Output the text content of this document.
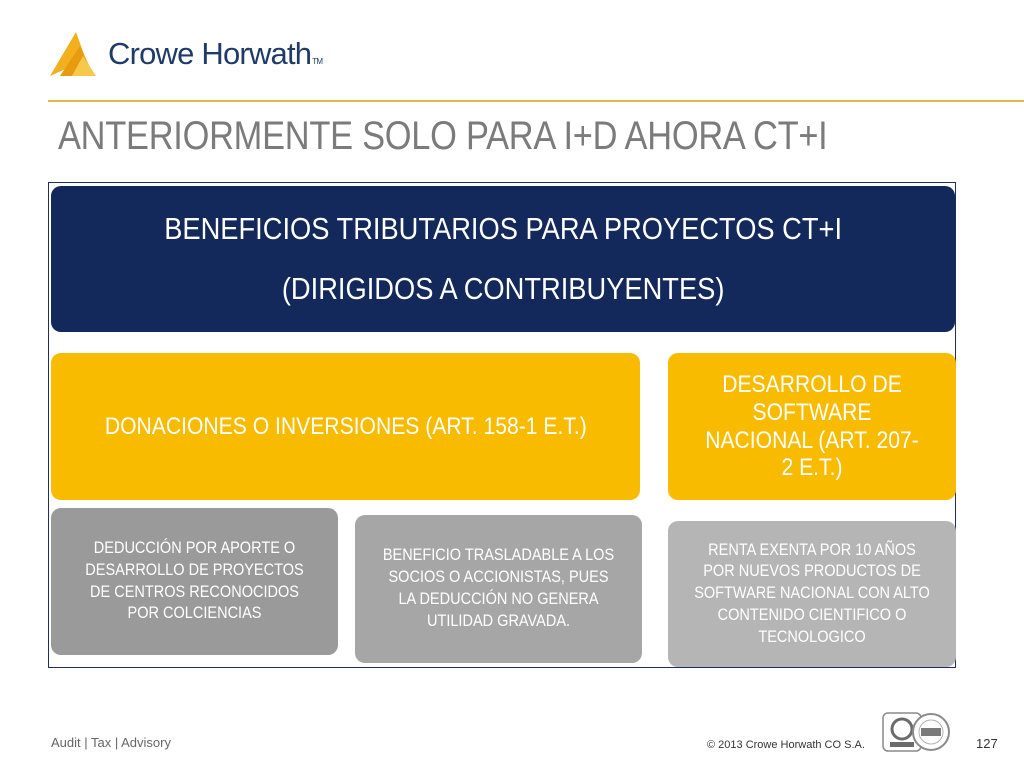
Crowe HorwathTM
ANTERIORMENTE SOLO PARA I+D AHORA CT+I
BENEFICIOS TRIBUTARIOS PARA PROYECTOS CT+I
(DIRIGIDOS A CONTRIBUYENTES)
DONACIONES O INVERSIONES (ART. 158-1 E.T.)
DESARROLLO DE SOFTWARE NACIONAL (ART. 207-2 E.T.)
DEDUCCIÓN POR APORTE O DESARROLLO DE PROYECTOS DE CENTROS RECONOCIDOS POR COLCIENCIAS
BENEFICIO TRASLADABLE A LOS SOCIOS O ACCIONISTAS, PUES LA DEDUCCIÓN NO GENERA UTILIDAD GRAVADA.
RENTA EXENTA POR 10 AÑOS POR NUEVOS PRODUCTOS DE SOFTWARE NACIONAL CON ALTO CONTENIDO CIENTIFICO O TECNOLOGICO
Audit | Tax | Advisory	© 2013 Crowe Horwath CO S.A.	127
